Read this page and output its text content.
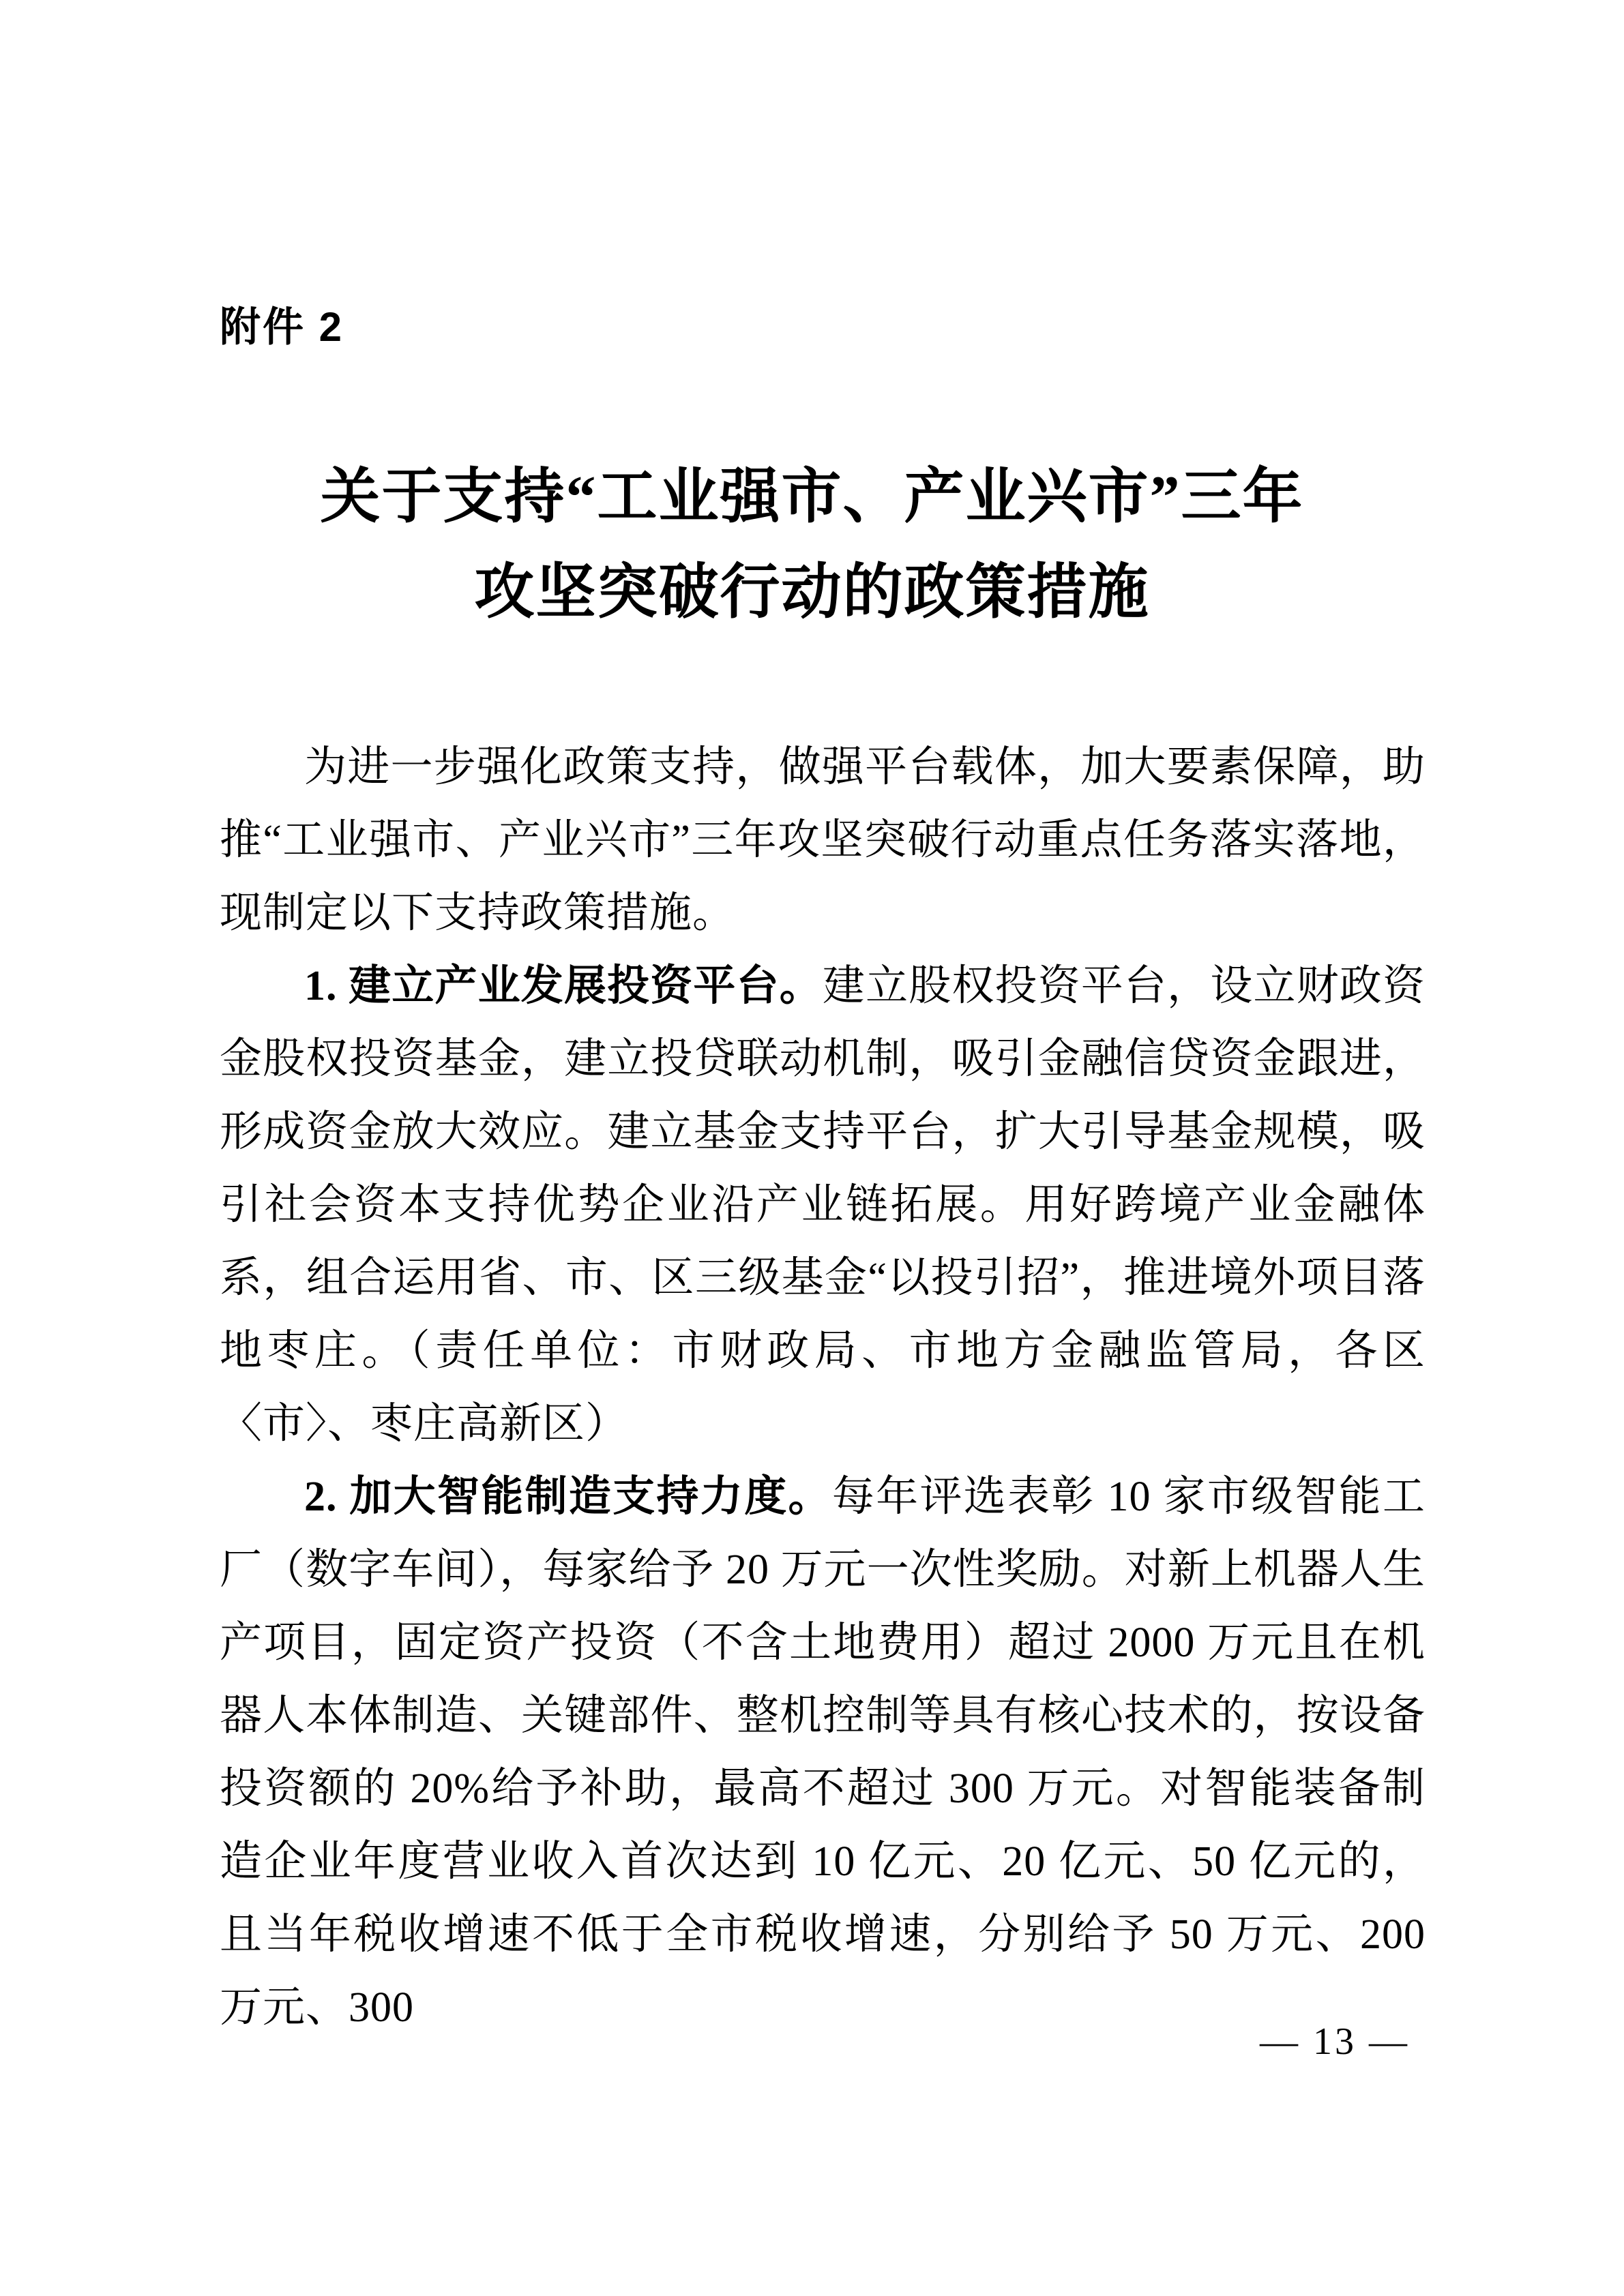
附件 2
关于支持“工业强市、产业兴市”三年
攻坚突破行动的政策措施

为进一步强化政策支持，做强平台载体，加大要素保障，助推“工业强市、产业兴市”三年攻坚突破行动重点任务落实落地，现制定以下支持政策措施。

1. 建立产业发展投资平台。建立股权投资平台，设立财政资金股权投资基金，建立投贷联动机制，吸引金融信贷资金跟进，形成资金放大效应。建立基金支持平台，扩大引导基金规模，吸引社会资本支持优势企业沿产业链拓展。用好跨境产业金融体系，组合运用省、市、区三级基金“以投引招”，推进境外项目落地枣庄。（责任单位：市财政局、市地方金融监管局，各区〈市〉、枣庄高新区）

2. 加大智能制造支持力度。每年评选表彰 10 家市级智能工厂（数字车间），每家给予 20 万元一次性奖励。对新上机器人生产项目，固定资产投资（不含土地费用）超过 2000 万元且在机器人本体制造、关键部件、整机控制等具有核心技术的，按设备投资额的 20%给予补助，最高不超过 300 万元。对智能装备制造企业年度营业收入首次达到 10 亿元、20 亿元、50 亿元的，且当年税收增速不低于全市税收增速，分别给予 50 万元、200 万元、300

— 13 —
